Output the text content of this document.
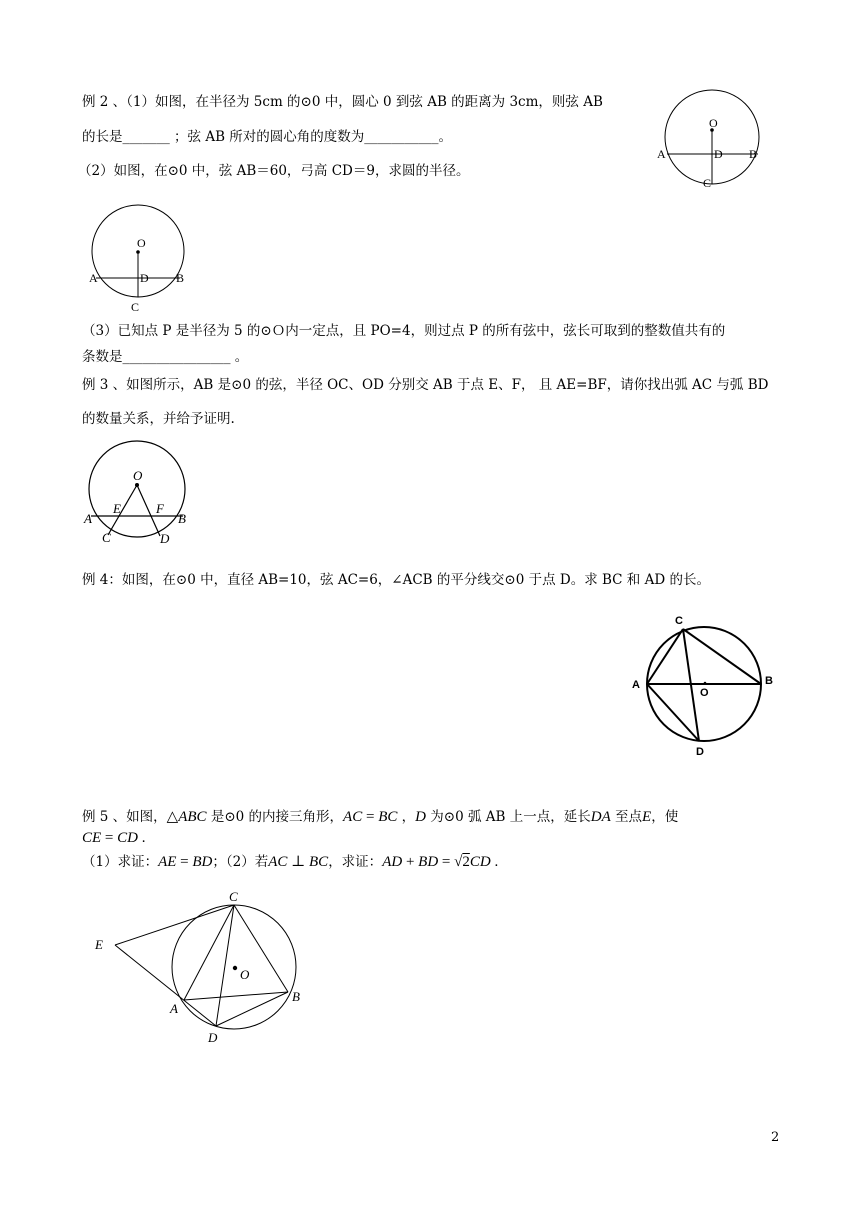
例 2 、（1）如图，在半径为 5cm 的⊙0 中，圆心 0 到弦 AB 的距离为 3cm，则弦 AB
的长是_______ ；弦 AB 所对的圆心角的度数为___________。
（2）如图，在⊙0 中，弦 AB＝60，弓高 CD＝9，求圆的半径。
O
A	D B
C
O
A	D B
C
（3）已知点 P 是半径为 5 的⊙Ｏ内一定点，且 PO=4，则过点 P 的所有弦中，弦长可取到的整数值共有的
条数是________________ 。
例 3 、如图所示，AB 是⊙0 的弦，半径 OC、OD 分别交 AB 于点 E、F， 且 AE=BF，请你找出弧 AC 与弧 BD
的数量关系，并给予证明.
O
A
E	F
B
C	D
例 4：如图，在⊙0 中，直径 AB=10，弦 AC=6，∠ACB 的平分线交⊙0 于点 D。求 BC 和 AD 的长。
C
A
O
B
D
例 5 、如图，△ABC 是⊙0 的内接三角形，AC = BC ，D 为⊙0 弧 AB 上一点，延长DA 至点E，使
CE = CD .
（1）求证：AE = BD；（2）若AC ⊥ BC，求证：AD + BD = √2CD .
C
E
O
A
B
D
2
